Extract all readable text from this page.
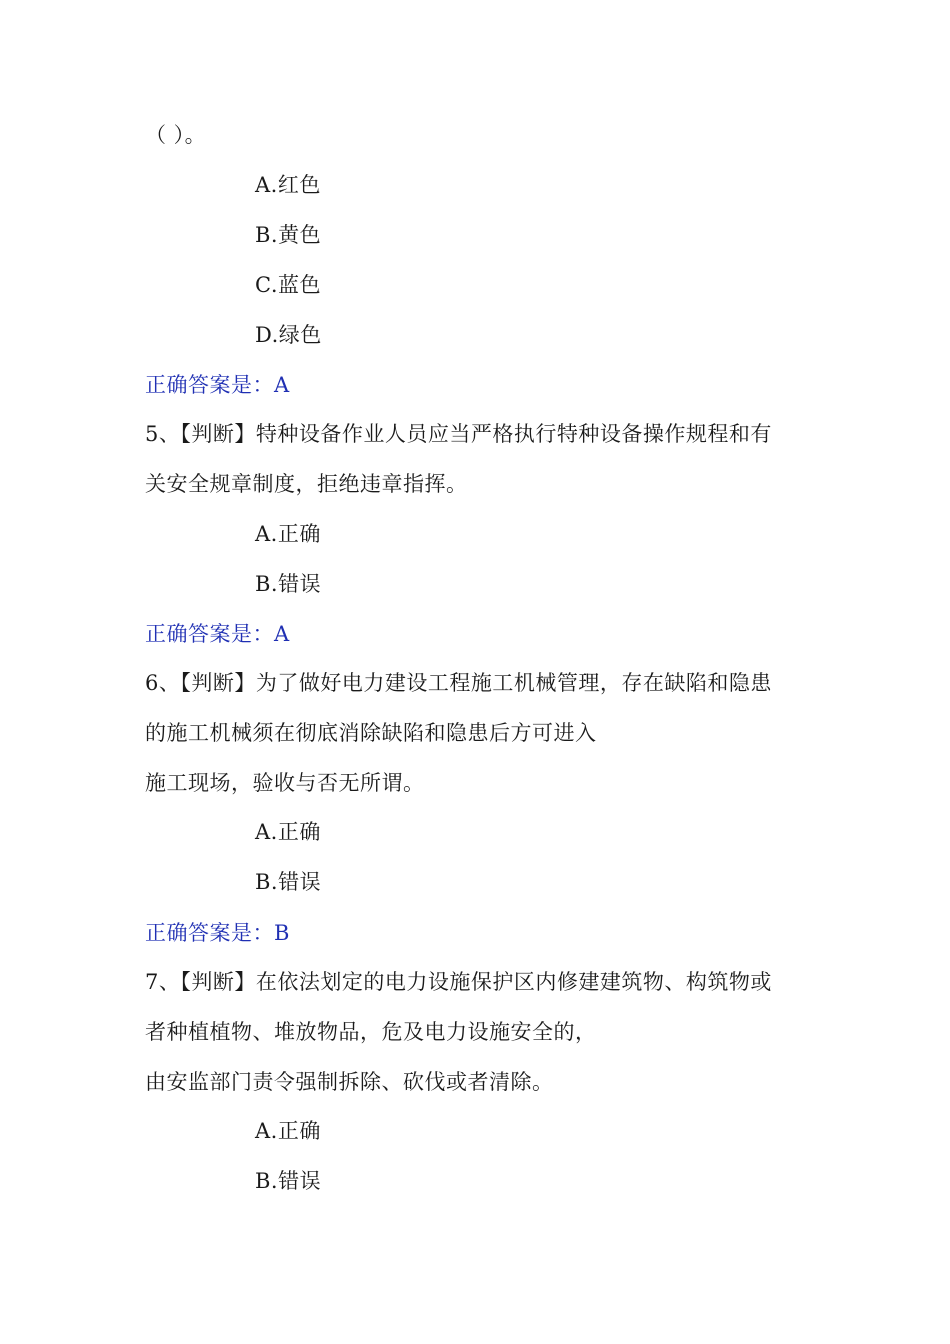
（ ）。
A.红色
B.黄色
C.蓝色
D.绿色
正确答案是：A
5、【判断】特种设备作业人员应当严格执行特种设备操作规程和有
关安全规章制度，拒绝违章指挥。
A.正确
B.错误
正确答案是：A
6、【判断】为了做好电力建设工程施工机械管理，存在缺陷和隐患
的施工机械须在彻底消除缺陷和隐患后方可进入
施工现场，验收与否无所谓。
A.正确
B.错误
正确答案是：B
7、【判断】在依法划定的电力设施保护区内修建建筑物、构筑物或
者种植植物、堆放物品，危及电力设施安全的，
由安监部门责令强制拆除、砍伐或者清除。
A.正确
B.错误
